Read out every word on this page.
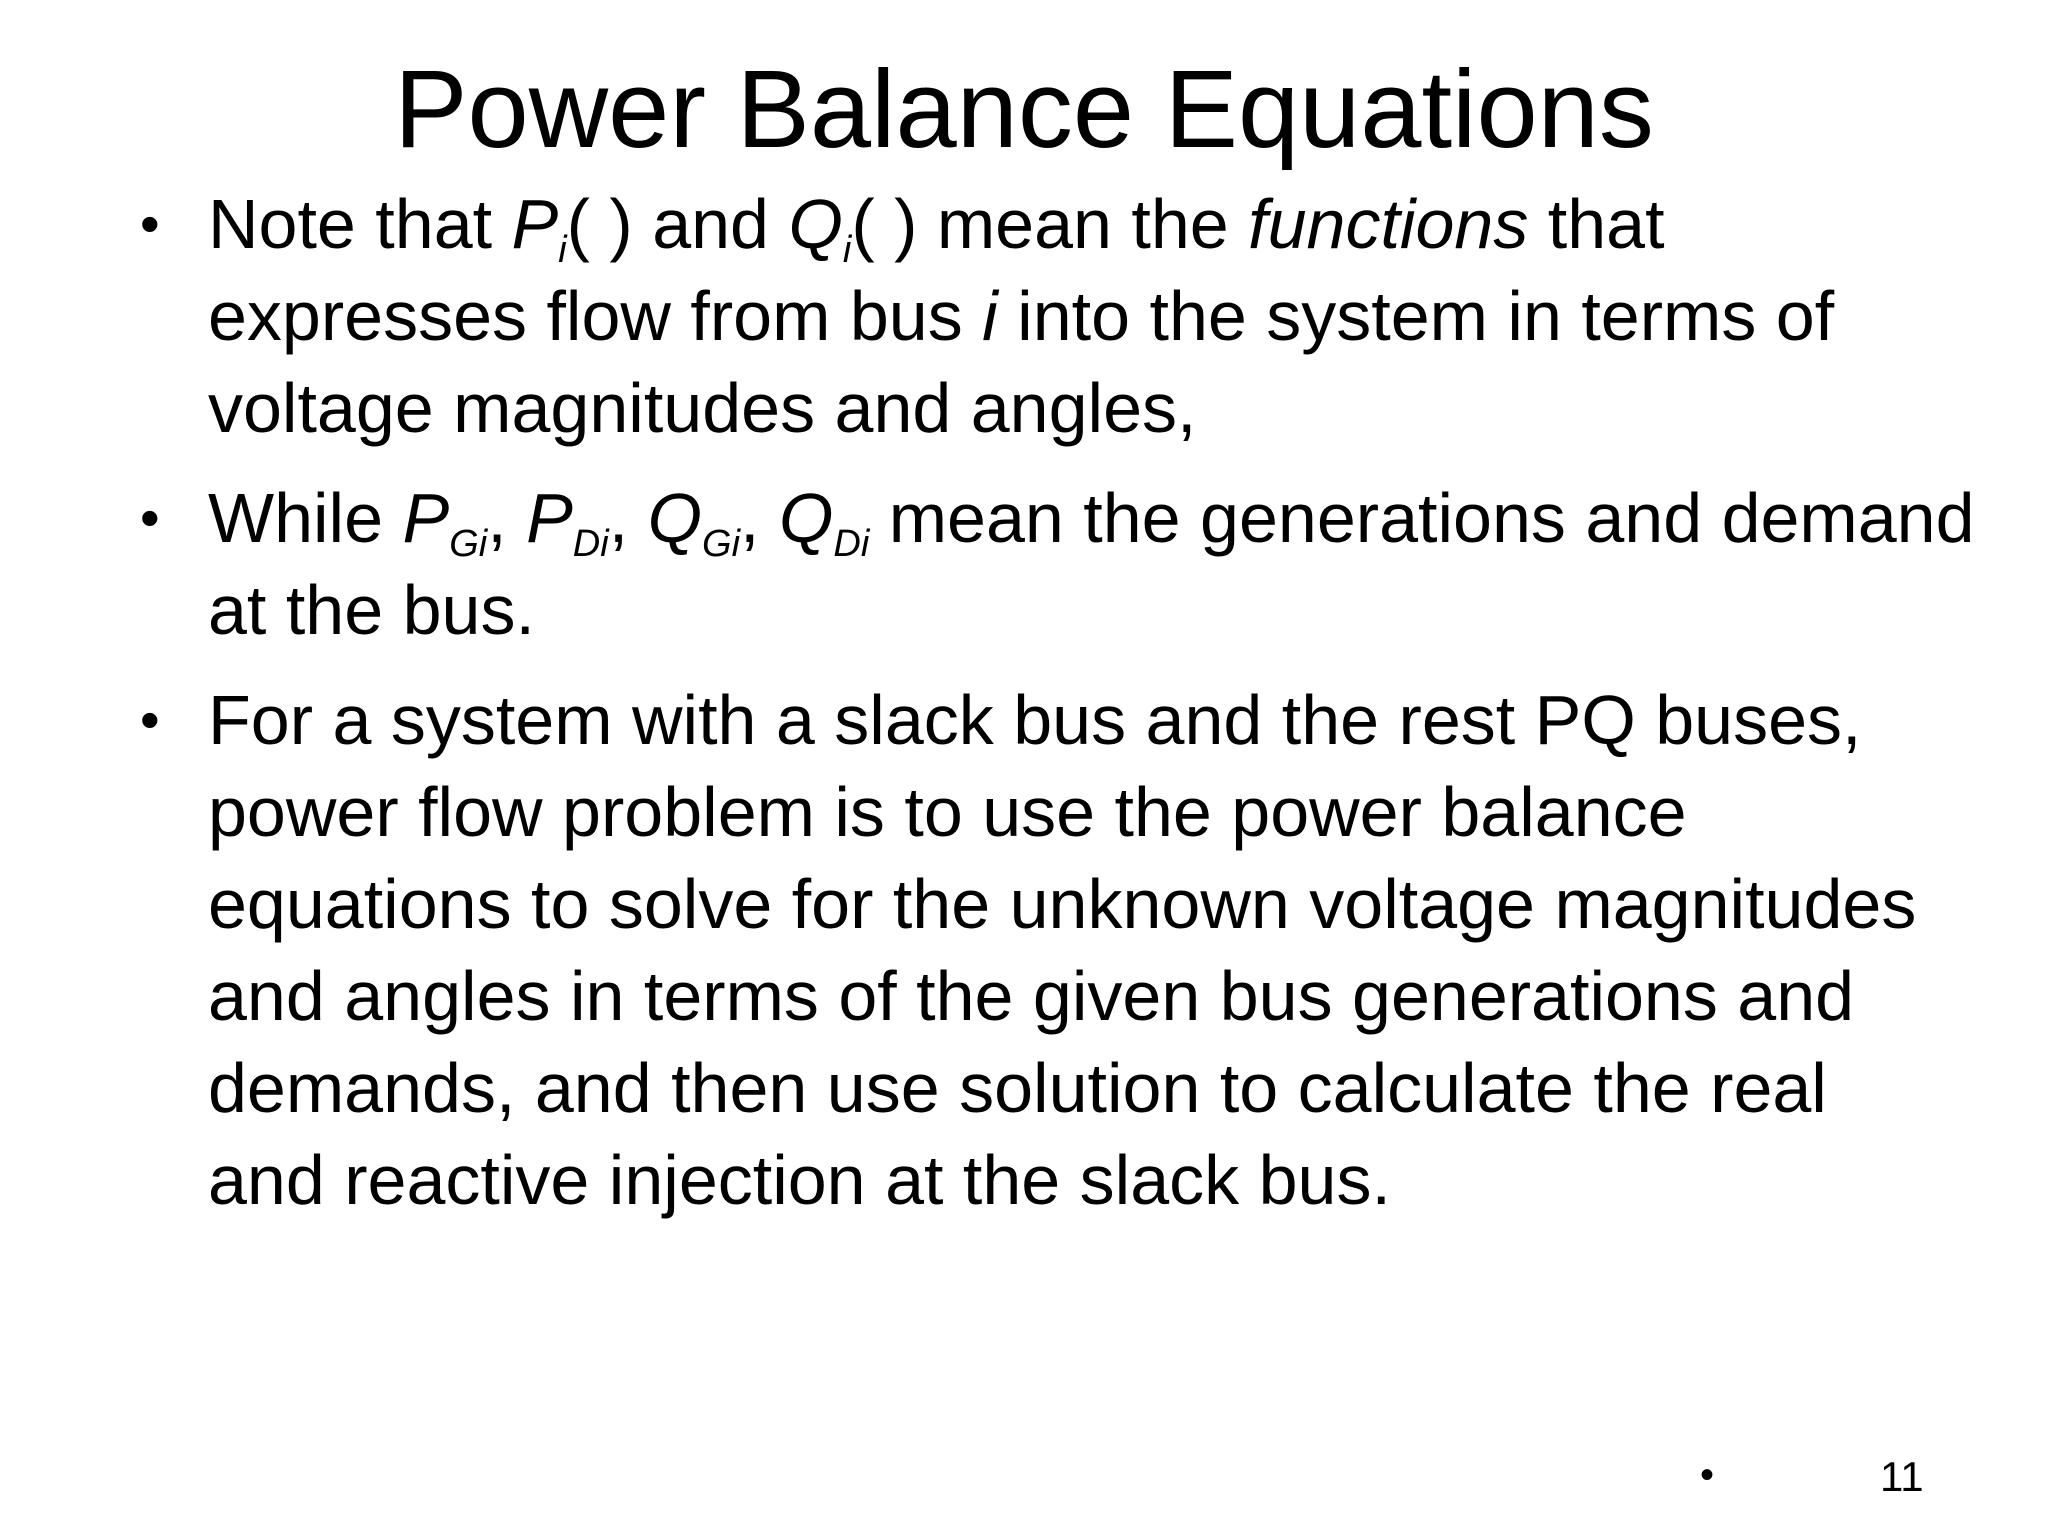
Power Balance Equations
• Note that $P_i$( ) and $Q_i$( ) mean the functions that
expresses flow from bus i into the system in terms of
voltage magnitudes and angles,
• While $P_{Gi}$, $P_{Di}$, $Q_{Gi}$, $Q_{Di}$ mean the generations and demand
at the bus.
• For a system with a slack bus and the rest PQ buses,
power flow problem is to use the power balance
equations to solve for the unknown voltage magnitudes
and angles in terms of the given bus generations and
demands, and then use solution to calculate the real
and reactive injection at the slack bus.
•	11
